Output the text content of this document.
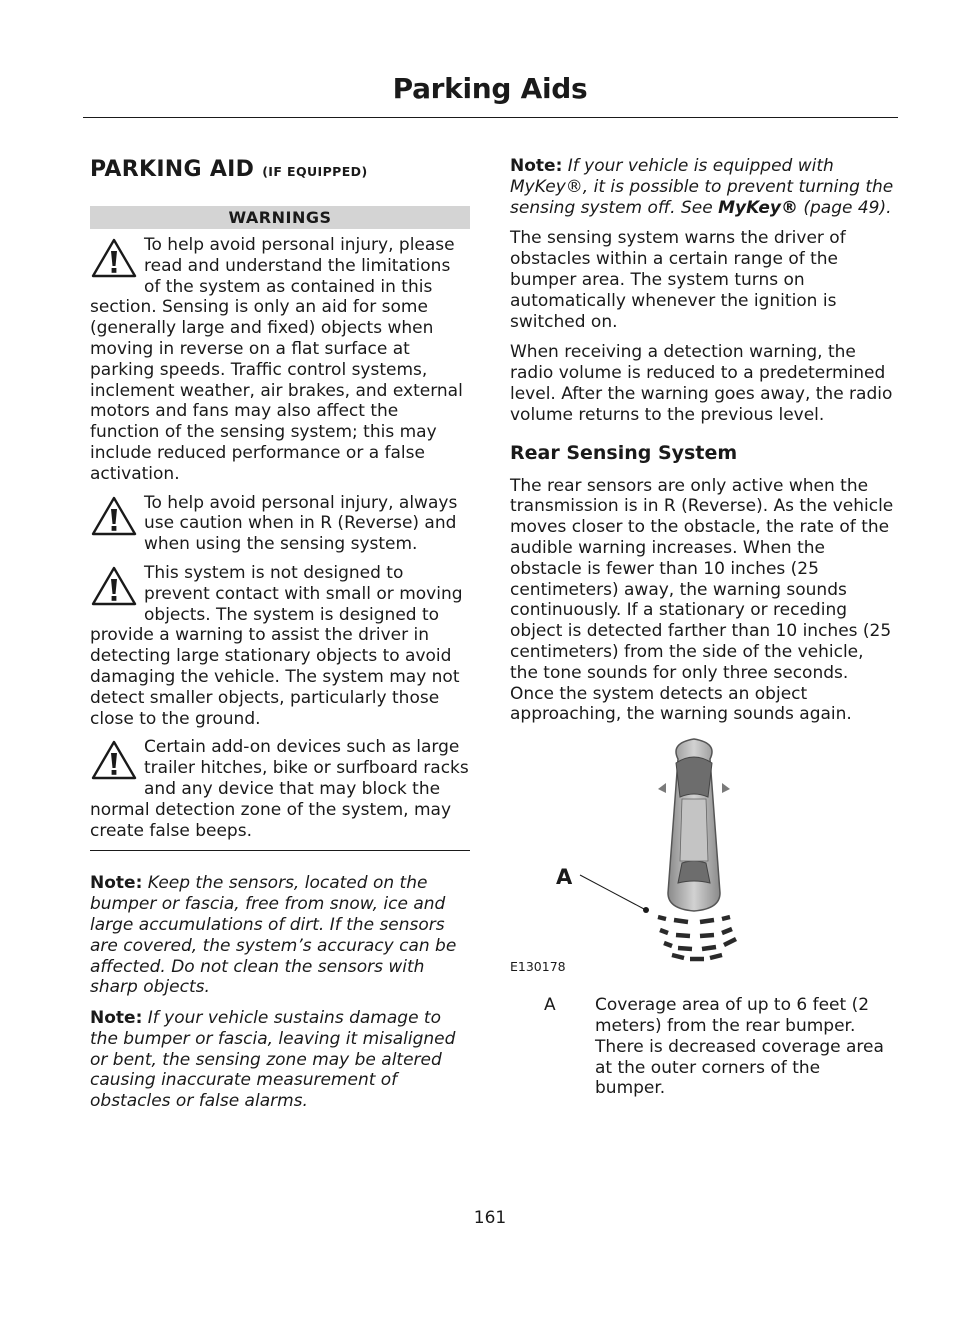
Parking Aids
PARKING AID (IF EQUIPPED)
WARNINGS

To help avoid personal injury, please read and understand the limitations of the system as contained in this section. Sensing is only an aid for some (generally large and fixed) objects when moving in reverse on a flat surface at parking speeds. Traffic control systems, inclement weather, air brakes, and external motors and fans may also affect the function of the sensing system; this may include reduced performance or a false activation.

To help avoid personal injury, always use caution when in R (Reverse) and when using the sensing system.

This system is not designed to prevent contact with small or moving objects. The system is designed to provide a warning to assist the driver in detecting large stationary objects to avoid damaging the vehicle. The system may not detect smaller objects, particularly those close to the ground.

Certain add-on devices such as large trailer hitches, bike or surfboard racks and any device that may block the normal detection zone of the system, may create false beeps.

Note: Keep the sensors, located on the bumper or fascia, free from snow, ice and large accumulations of dirt. If the sensors are covered, the system’s accuracy can be affected. Do not clean the sensors with sharp objects.

Note: If your vehicle sustains damage to the bumper or fascia, leaving it misaligned or bent, the sensing zone may be altered causing inaccurate measurement of obstacles or false alarms.

Note: If your vehicle is equipped with MyKey®, it is possible to prevent turning the sensing system off. See MyKey® (page 49).

The sensing system warns the driver of obstacles within a certain range of the bumper area. The system turns on automatically whenever the ignition is switched on.

When receiving a detection warning, the radio volume is reduced to a predetermined level. After the warning goes away, the radio volume returns to the previous level.

Rear Sensing System

The rear sensors are only active when the transmission is in R (Reverse). As the vehicle moves closer to the obstacle, the rate of the audible warning increases. When the obstacle is fewer than 10 inches (25 centimeters) away, the warning sounds continuously. If a stationary or receding object is detected farther than 10 inches (25 centimeters) from the side of the vehicle, the tone sounds for only three seconds. Once the system detects an object approaching, the warning sounds again.

A
E130178
A	Coverage area of up to 6 feet (2 meters) from the rear bumper. There is decreased coverage area at the outer corners of the bumper.
161
